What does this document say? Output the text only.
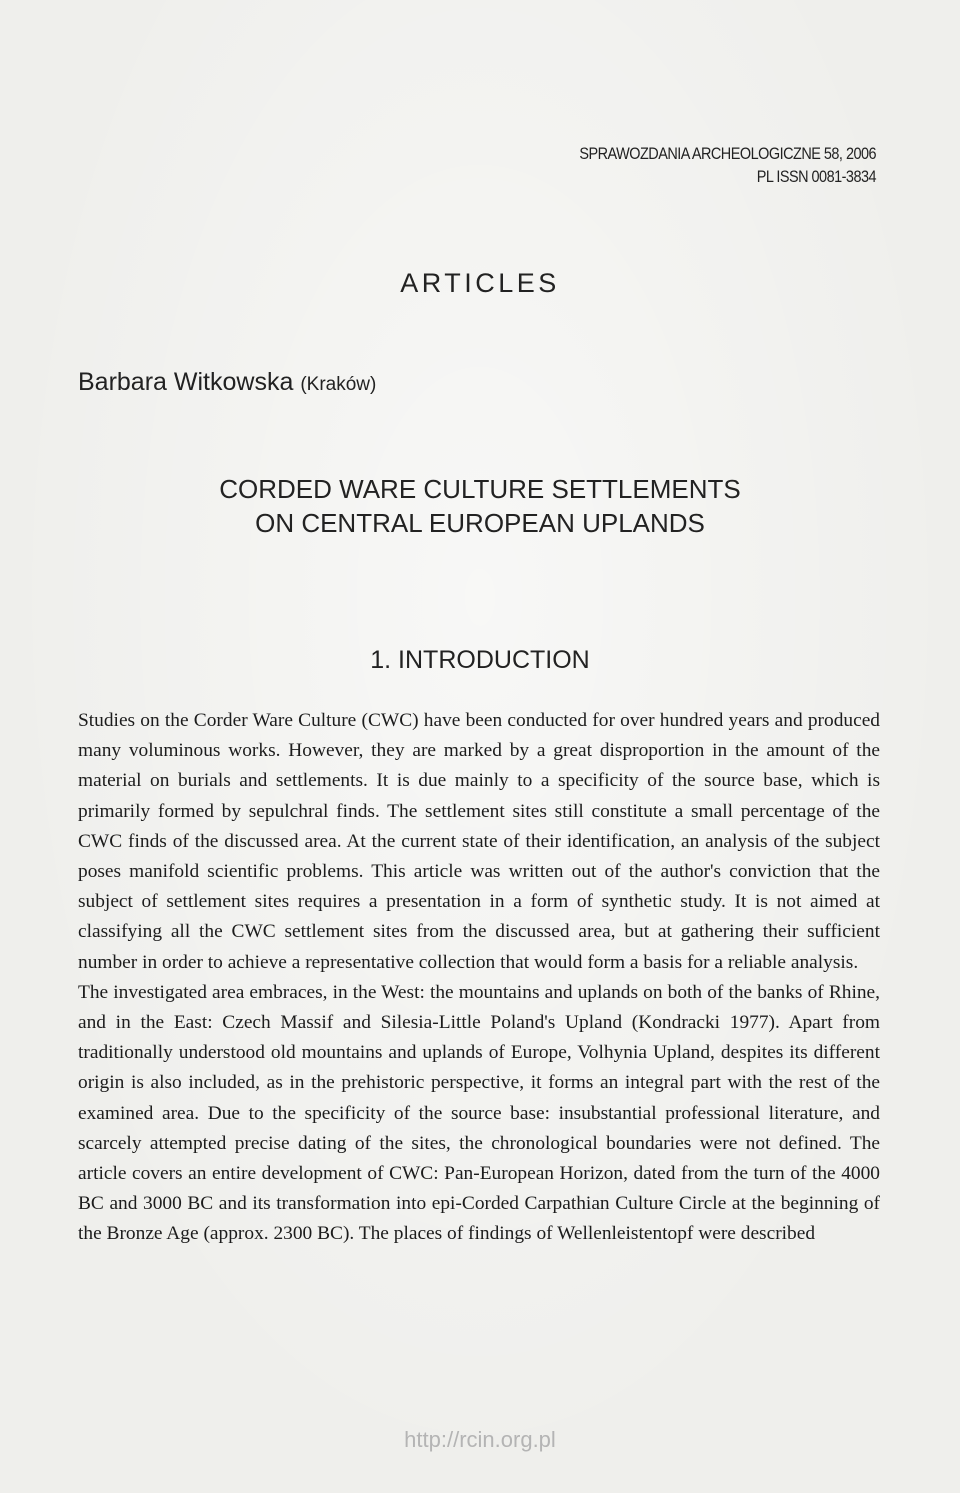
SPRAWOZDANIA ARCHEOLOGICZNE 58, 2006
PL ISSN 0081-3834
ARTICLES
Barbara Witkowska (Kraków)
CORDED WARE CULTURE SETTLEMENTS
ON CENTRAL EUROPEAN UPLANDS
1. INTRODUCTION

Studies on the Corder Ware Culture (CWC) have been conducted for over hundred years and produced many voluminous works. However, they are marked by a great disproportion in the amount of the material on burials and settlements. It is due mainly to a specificity of the source base, which is primarily formed by sepulchral finds. The settlement sites still constitute a small percentage of the CWC finds of the discussed area. At the current state of their identification, an analysis of the subject poses manifold scientific problems. This article was written out of the author's conviction that the subject of settlement sites requires a presentation in a form of synthetic study. It is not aimed at classifying all the CWC settlement sites from the discussed area, but at gathering their sufficient number in order to achieve a representative collection that would form a basis for a reliable analysis.

The investigated area embraces, in the West: the mountains and uplands on both of the banks of Rhine, and in the East: Czech Massif and Silesia-Little Poland's Upland (Kondracki 1977). Apart from traditionally understood old mountains and uplands of Europe, Volhynia Upland, despites its different origin is also included, as in the prehistoric perspective, it forms an integral part with the rest of the examined area. Due to the specificity of the source base: insubstantial professional literature, and scarcely attempted precise dating of the sites, the chronological boundaries were not defined. The article covers an entire development of CWC: Pan-European Horizon, dated from the turn of the 4000 BC and 3000 BC and its transformation into epi-Corded Carpathian Culture Circle at the beginning of the Bronze Age (approx. 2300 BC). The places of findings of Wellenleistentopf were described

http://rcin.org.pl
